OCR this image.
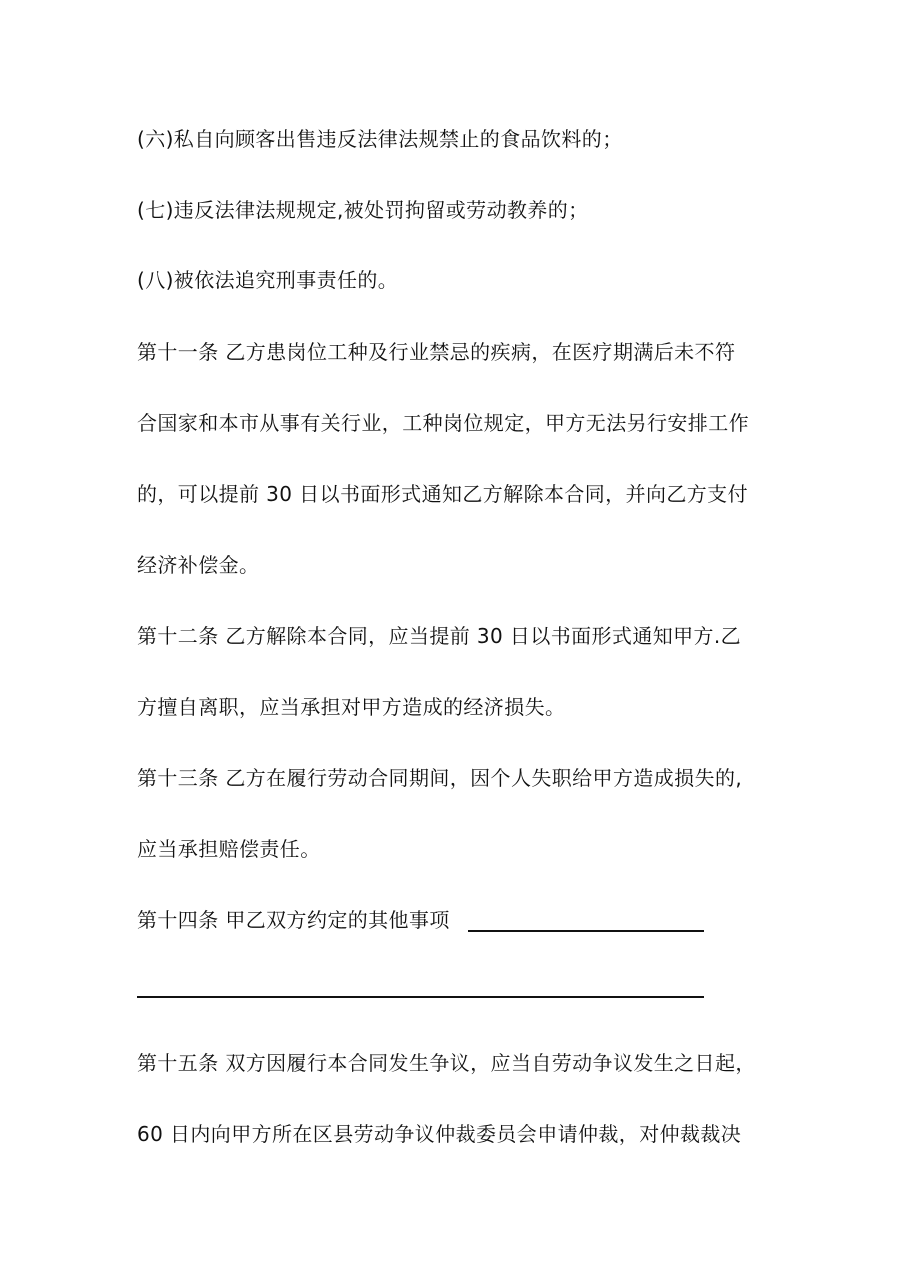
(六)私自向顾客出售违反法律法规禁止的食品饮料的；
(七)违反法律法规规定,被处罚拘留或劳动教养的；
(八)被依法追究刑事责任的。
第十一条 乙方患岗位工种及行业禁忌的疾病，在医疗期满后未不符
合国家和本市从事有关行业，工种岗位规定，甲方无法另行安排工作
的，可以提前 30 日以书面形式通知乙方解除本合同，并向乙方支付
经济补偿金。
第十二条 乙方解除本合同，应当提前 30 日以书面形式通知甲方.乙
方擅自离职，应当承担对甲方造成的经济损失。
第十三条 乙方在履行劳动合同期间，因个人失职给甲方造成损失的,
应当承担赔偿责任。
第十四条 甲乙双方约定的其他事项
第十五条 双方因履行本合同发生争议，应当自劳动争议发生之日起，
60 日内向甲方所在区县劳动争议仲裁委员会申请仲裁，对仲裁裁决
